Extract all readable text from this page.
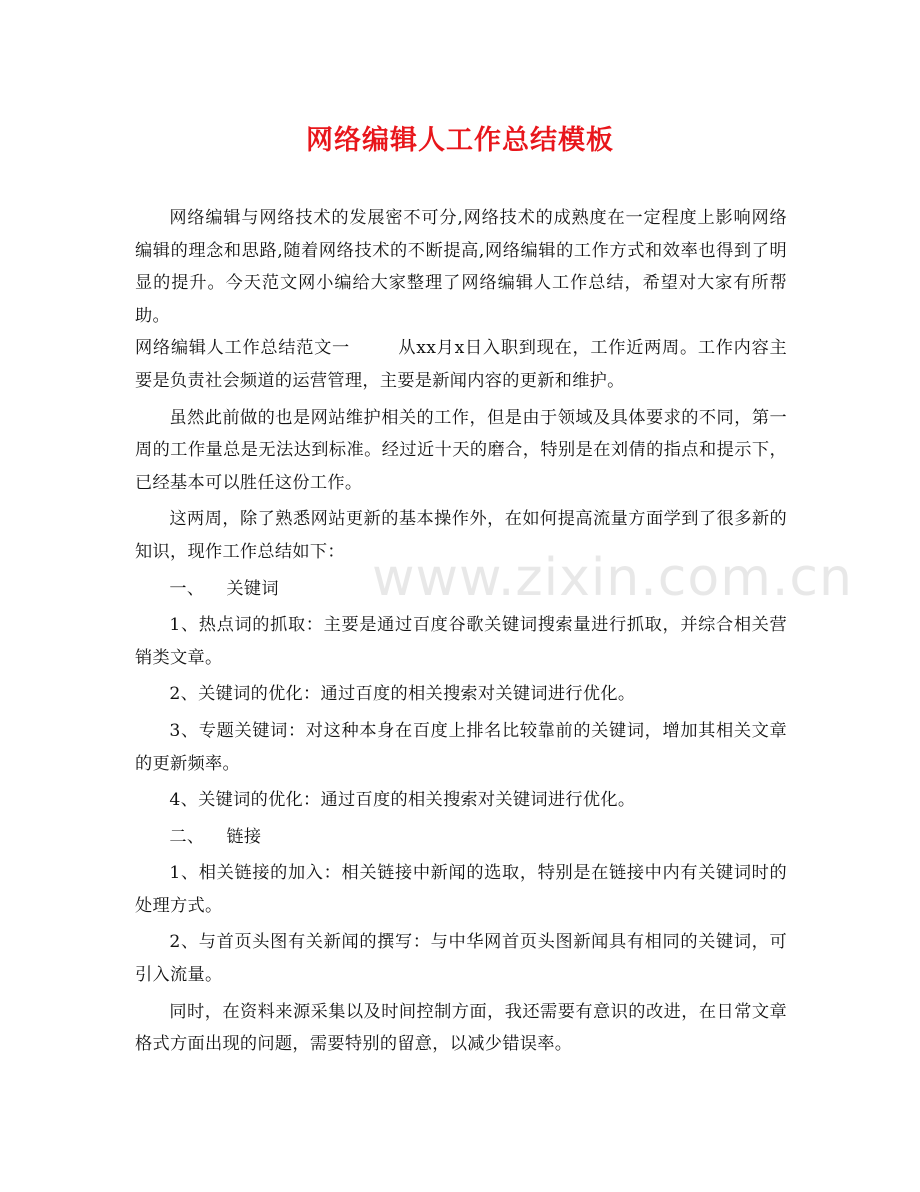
网络编辑人工作总结模板

网络编辑与网络技术的发展密不可分,网络技术的成熟度在一定程度上影响网络编辑的理念和思路,随着网络技术的不断提高,网络编辑的工作方式和效率也得到了明显的提升。今天范文网小编给大家整理了网络编辑人工作总结，希望对大家有所帮助。

网络编辑人工作总结范文一	从xx月x日入职到现在，工作近两周。工作内容主要是负责社会频道的运营管理，主要是新闻内容的更新和维护。

虽然此前做的也是网站维护相关的工作，但是由于领域及具体要求的不同，第一周的工作量总是无法达到标准。经过近十天的磨合，特别是在刘倩的指点和提示下，已经基本可以胜任这份工作。

这两周，除了熟悉网站更新的基本操作外，在如何提高流量方面学到了很多新的知识，现作工作总结如下：

一、 关键词

1、热点词的抓取：主要是通过百度谷歌关键词搜索量进行抓取，并综合相关营销类文章。

2、关键词的优化：通过百度的相关搜索对关键词进行优化。

3、专题关键词：对这种本身在百度上排名比较靠前的关键词，增加其相关文章的更新频率。

4、关键词的优化：通过百度的相关搜索对关键词进行优化。

二、 链接

1、相关链接的加入：相关链接中新闻的选取，特别是在链接中内有关键词时的处理方式。

2、与首页头图有关新闻的撰写：与中华网首页头图新闻具有相同的关键词，可引入流量。

同时，在资料来源采集以及时间控制方面，我还需要有意识的改进，在日常文章格式方面出现的问题，需要特别的留意，以减少错误率。

www.zixin.com.cn
